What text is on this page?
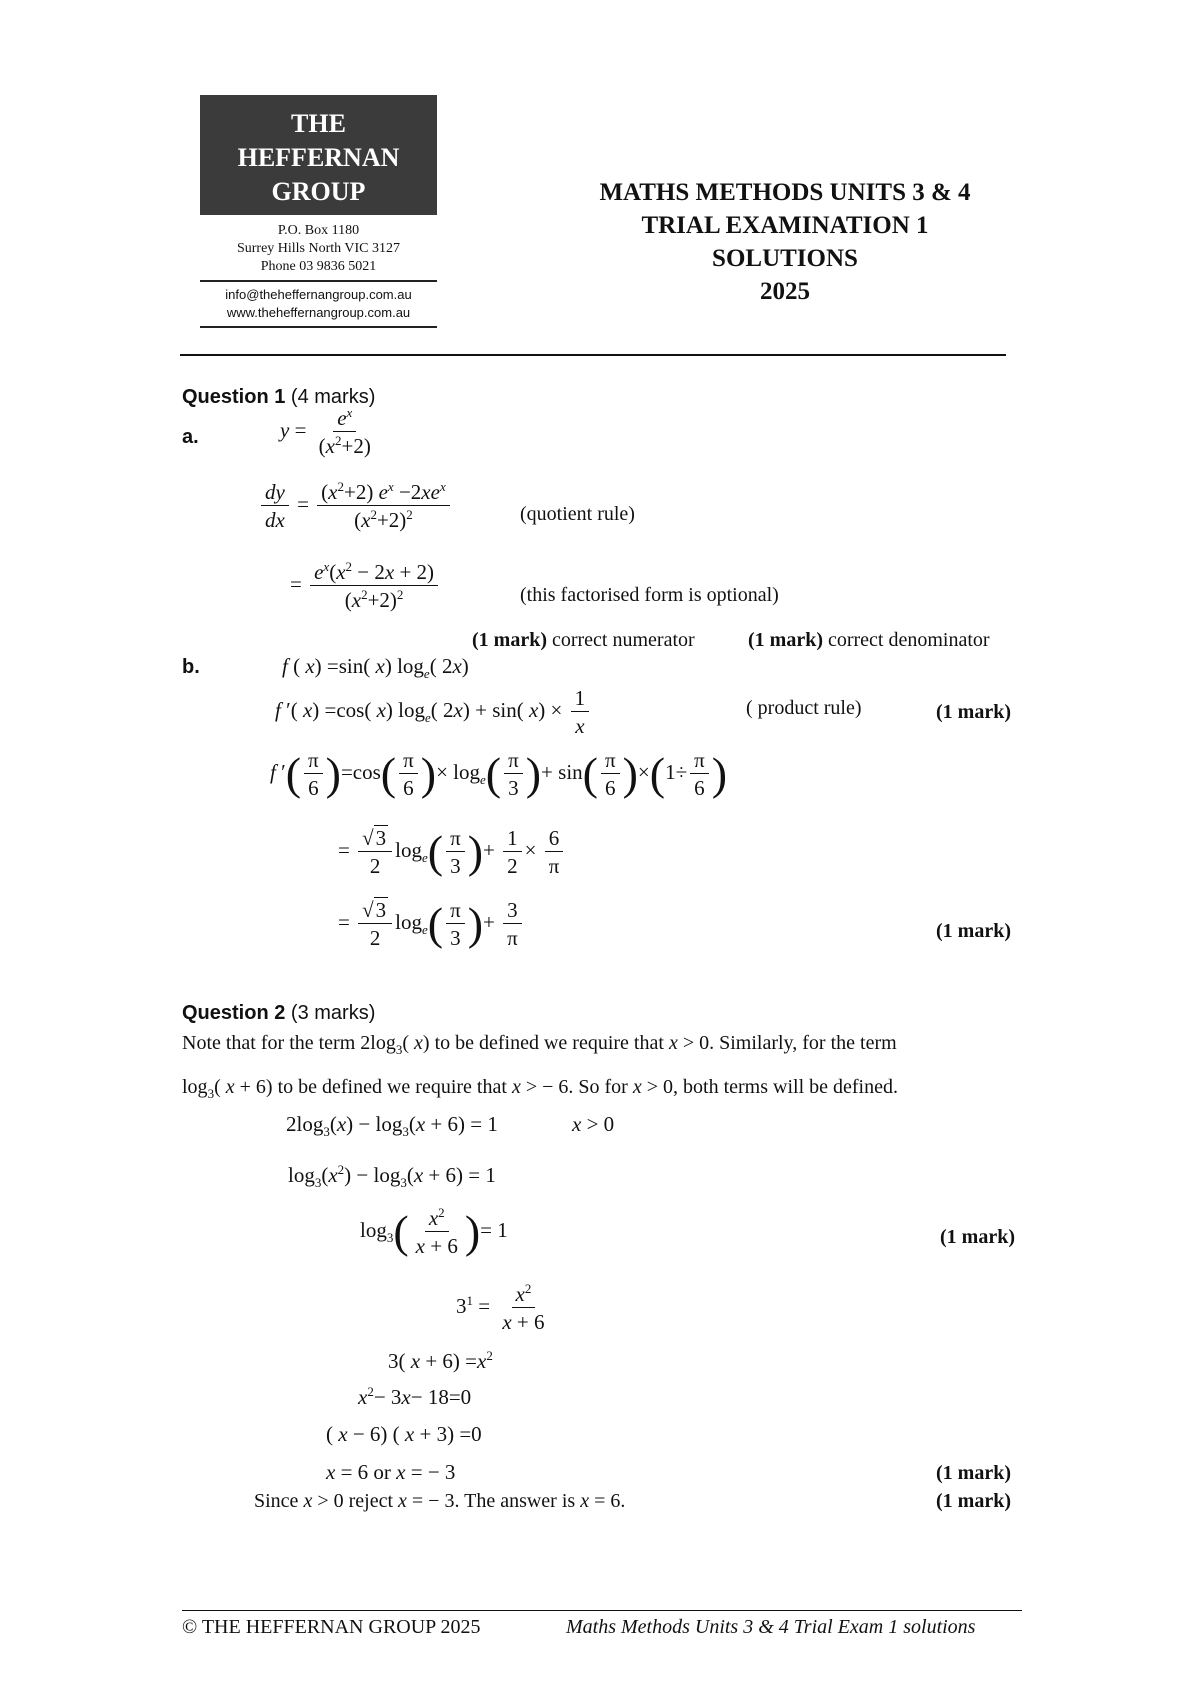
THE
HEFFERNAN
GROUP
P.O. Box 1180
Surrey Hills North VIC 3127
Phone 03 9836 5021
info@theheffernangroup.com.au
www.theheffernangroup.com.au
MATHS METHODS UNITS 3 & 4
TRIAL EXAMINATION 1
SOLUTIONS
2025
Question 1 (4 marks)
a.	$y = \frac{e^x}{(x^2+2)}$
$\frac{dy}{dx} = \frac{(x^2+2) e^x -2xe^x}{(x^2+2)^2}$	(quotient rule)
= $\frac{e^x(x^2 - 2x + 2)}{(x^2+2)^2}$	(this factorised form is optional)
(1 mark) correct numerator	(1 mark) correct denominator
b.	f ( x) =sin( x) $\log_e$( 2x)
f ′( x) =cos( x) $\log_e$( 2x) + sin( $x) \times \frac{1}{x}$	( product rule)	(1 mark)
f ′( $\frac{\pi}{6} )=\cos( \frac{\pi}{6}$ )× $\log_e( \frac{\pi}{3}$ )+ $\sin( \frac{\pi}{6} )\times(1\div \frac{\pi}{6}$ )
= $\frac{√3}{2} \log_e( \frac{\pi}{3}$ )+ $\frac{1}{2} \times \frac{6}{\pi}$
= $\frac{√3}{2} \log_e( \frac{\pi}{3}$ )+ $\frac{3}{\pi}$	(1 mark)
Question 2 (3 marks)
Note that for the term $2\log_3$( x) to be defined we require that x > 0. Similarly, for the term
$\log_3$( x + 6) to be defined we require that x > − 6. So for x > 0, both terms will be defined.
$2\log_3(x) - \log_3(x + 6) = 1$	x > 0
$\log_3(x^2) - \log_3(x + 6) = 1$
$\log_3( \frac{x^2}{x + 6}$ )= 1	(1 mark)
$3^1 = \frac{x^2}{x + 6}$
3( $x + 6) =x^2$
$x^2- 3x- 18=0$
( x − 6) ( x + 3) =0
x = 6 or x = − 3	(1 mark)
Since x > 0 reject x = − 3. The answer is x = 6.	(1 mark)
© THE HEFFERNAN GROUP 2025	Maths Methods Units 3 & 4 Trial Exam 1 solutions
